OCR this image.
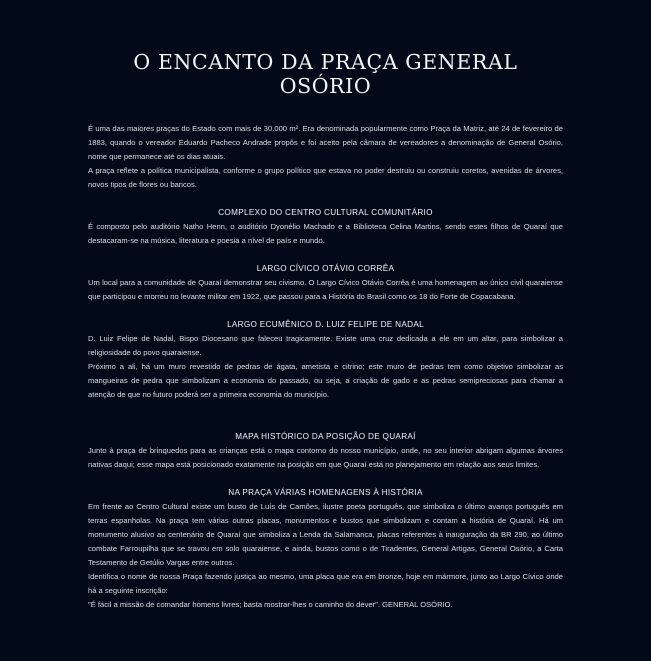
O ENCANTO DA PRAÇA GENERAL OSÓRIO

É uma das maiores praças do Estado com mais de 30.000 m². Era denominada popularmente como Praça da Matriz, até 24 de fevereiro de 1883, quando o vereador Eduardo Pacheco Andrade propôs e foi aceito pela câmara de vereadores a denominação de General Osório, nome que permanece até os dias atuais.

A praça reflete a política municipalista, conforme o grupo político que estava no poder destruiu ou construiu coretos, avenidas de árvores, novos tipos de flores ou bancos.

COMPLEXO DO CENTRO CULTURAL COMUNITÁRIO

É composto pelo auditório Natho Henn, o auditório Dyonélio Machado e a Biblioteca Celina Martins, sendo estes filhos de Quaraí que destacaram-se na música, literatura e poesia a nível de país e mundo.

LARGO CÍVICO OTÁVIO CORRÊA

Um local para a comunidade de Quaraí demonstrar seu civismo. O Largo Cívico Otávio Corrêa é uma homenagem ao único civil quaraiense que participou e morreu no levante militar em 1922, que passou para a História do Brasil como os 18 do Forte de Copacabana.

LARGO ECUMÊNICO D. LUIZ FELIPE DE NADAL

D. Luiz Felipe de Nadal, Bispo Diocesano que faleceu tragicamente. Existe uma cruz dedicada a ele em um altar, para simbolizar a religiosidade do povo quaraiense.

Próximo a ali, há um muro revestido de pedras de ágata, ametista e citrino; este muro de pedras tem como objetivo simbolizar as mangueiras de pedra que simbolizam a economia do passado, ou seja, a criação de gado e as pedras semipreciosas para chamar a atenção de que no futuro poderá ser a primeira economia do município.

MAPA HISTÓRICO DA POSIÇÃO DE QUARAÍ

Junto à praça de brinquedos para as crianças está o mapa contorno do nosso município, onde, no seu interior abrigam algumas árvores nativas daqui; esse mapa está posicionado exatamente na posição em que Quaraí está no planejamento em relação aos seus limites.

NA PRAÇA VÁRIAS HOMENAGENS À HISTÓRIA

Em frente ao Centro Cultural existe um busto de Luís de Camões, ilustre poeta português, que simboliza o último avanço português em terras espanholas. Na praça tem várias outras placas, monumentos e bustos que simbolizam e contam a história de Quaraí. Há um monumento alusivo ao centenário de Quaraí que simboliza a Lenda da Salamanca, placas referentes à inauguração da BR 290, ao último combate Farroupilha que se travou em solo quaraiense, e ainda, bustos como o de Tiradentes, General Artigas, General Osório, a Carta Testamento de Getúlio Vargas entre outros.

Identifica o nome de nossa Praça fazendo justiça ao mesmo, uma placa que era em bronze, hoje em mármore, junto ao Largo Cívico onde há a seguinte inscrição:

"É fácil a missão de comandar homens livres; basta mostrar-lhes o caminho do dever". GENERAL OSÓRIO.
